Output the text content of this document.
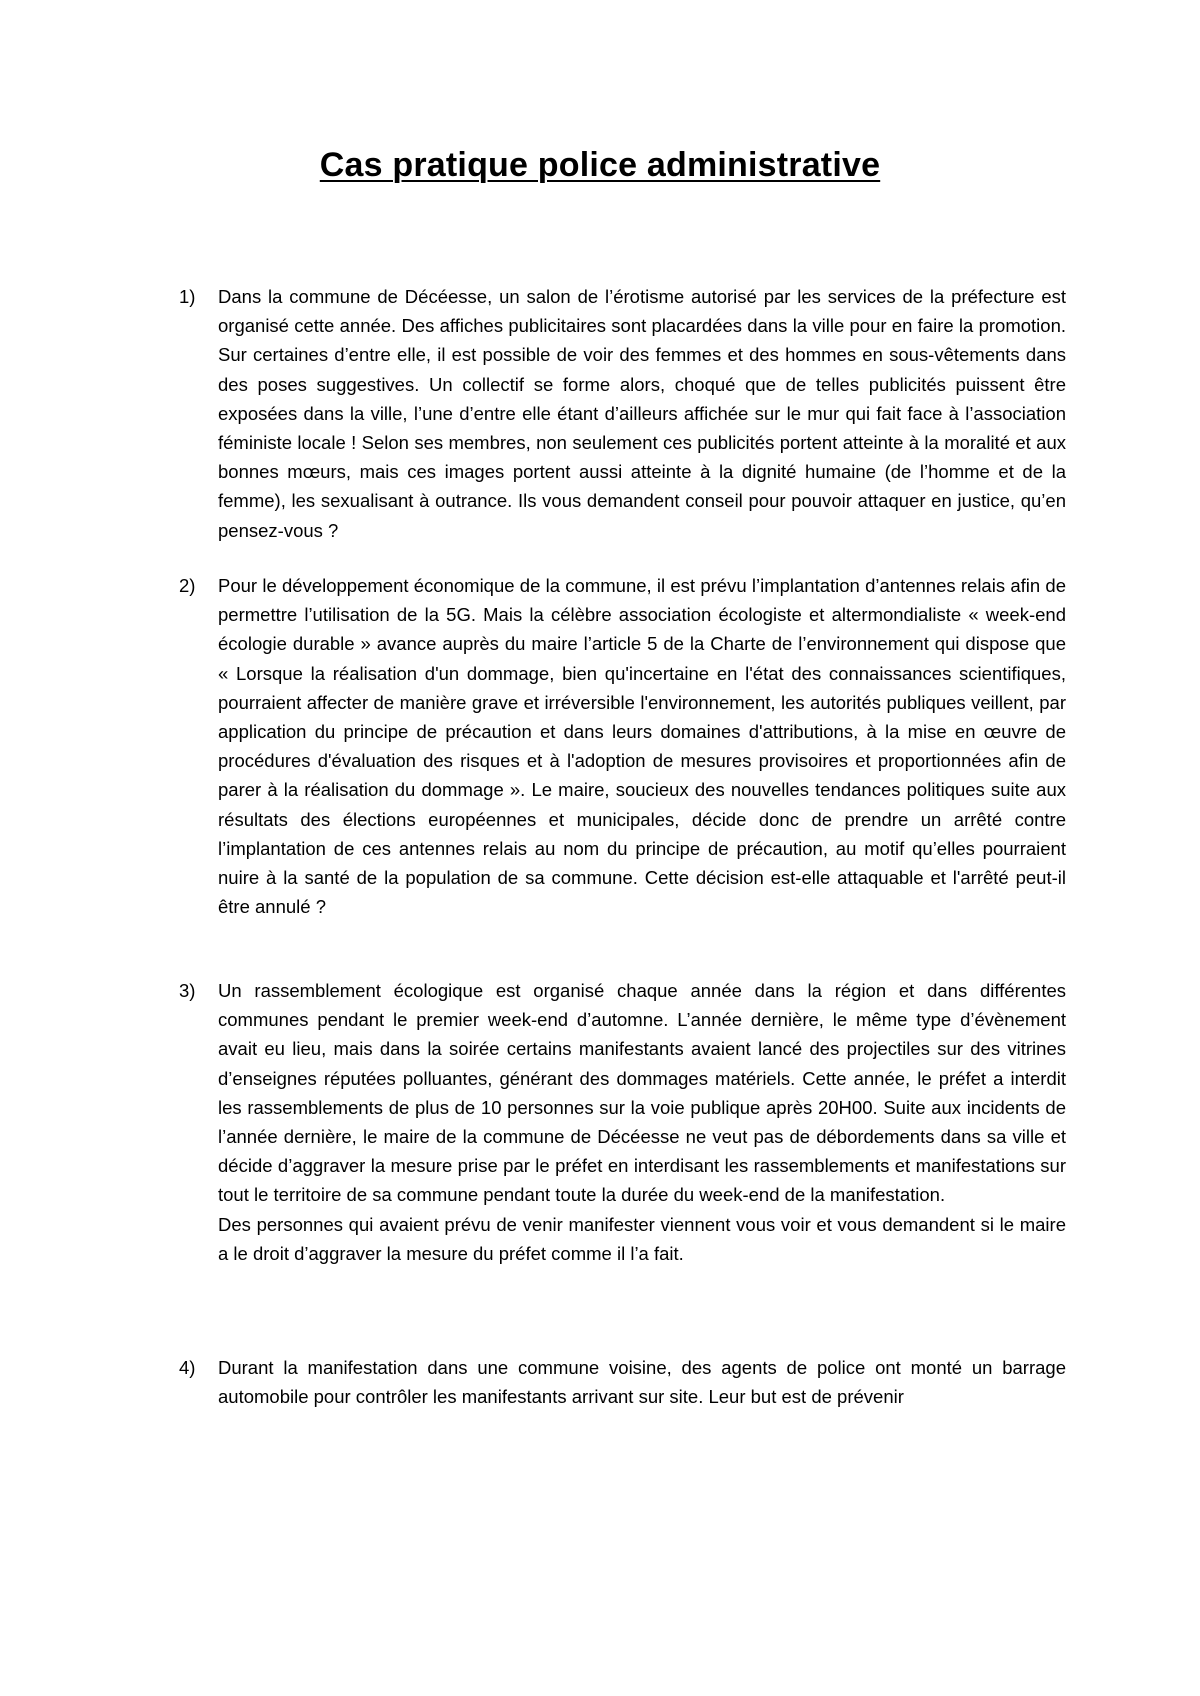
Cas pratique police administrative
1) Dans la commune de Décéesse, un salon de l’érotisme autorisé par les services de la préfecture est organisé cette année. Des affiches publicitaires sont placardées dans la ville pour en faire la promotion. Sur certaines d’entre elle, il est possible de voir des femmes et des hommes en sous-vêtements dans des poses suggestives. Un collectif se forme alors, choqué que de telles publicités puissent être exposées dans la ville, l’une d’entre elle étant d’ailleurs affichée sur le mur qui fait face à l’association féministe locale ! Selon ses membres, non seulement ces publicités portent atteinte à la moralité et aux bonnes mœurs, mais ces images portent aussi atteinte à la dignité humaine (de l’homme et de la femme), les sexualisant à outrance. Ils vous demandent conseil pour pouvoir attaquer en justice, qu’en pensez-vous ?
2) Pour le développement économique de la commune, il est prévu l’implantation d’antennes relais afin de permettre l’utilisation de la 5G. Mais la célèbre association écologiste et altermondialiste « week-end écologie durable » avance auprès du maire l’article 5 de la Charte de l’environnement qui dispose que « Lorsque la réalisation d'un dommage, bien qu'incertaine en l'état des connaissances scientifiques, pourraient affecter de manière grave et irréversible l'environnement, les autorités publiques veillent, par application du principe de précaution et dans leurs domaines d'attributions, à la mise en œuvre de procédures d'évaluation des risques et à l'adoption de mesures provisoires et proportionnées afin de parer à la réalisation du dommage ». Le maire, soucieux des nouvelles tendances politiques suite aux résultats des élections européennes et municipales, décide donc de prendre un arrêté contre l’implantation de ces antennes relais au nom du principe de précaution, au motif qu’elles pourraient nuire à la santé de la population de sa commune. Cette décision est-elle attaquable et l'arrêté peut-il être annulé ?
3) Un rassemblement écologique est organisé chaque année dans la région et dans différentes communes pendant le premier week-end d’automne. L’année dernière, le même type d’évènement avait eu lieu, mais dans la soirée certains manifestants avaient lancé des projectiles sur des vitrines d’enseignes réputées polluantes, générant des dommages matériels. Cette année, le préfet a interdit les rassemblements de plus de 10 personnes sur la voie publique après 20H00. Suite aux incidents de l’année dernière, le maire de la commune de Décéesse ne veut pas de débordements dans sa ville et décide d’aggraver la mesure prise par le préfet en interdisant les rassemblements et manifestations sur tout le territoire de sa commune pendant toute la durée du week-end de la manifestation.
Des personnes qui avaient prévu de venir manifester viennent vous voir et vous demandent si le maire a le droit d’aggraver la mesure du préfet comme il l’a fait.
4) Durant la manifestation dans une commune voisine, des agents de police ont monté un barrage automobile pour contrôler les manifestants arrivant sur site. Leur but est de prévenir
